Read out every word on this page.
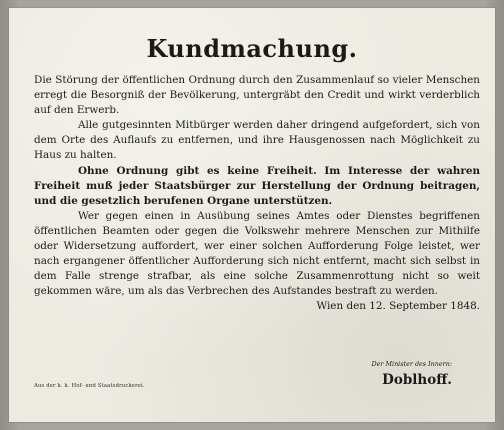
Kundmachung.

Die Störung der öffentlichen Ordnung durch den Zusammenlauf so vieler Menschen erregt die Besorgniß der Bevölkerung, untergräbt den Credit und wirkt verderblich auf den Erwerb.

Alle gutgesinnten Mitbürger werden daher dringend aufgefordert, sich von dem Orte des Auflaufs zu entfernen, und ihre Hausgenossen nach Möglichkeit zu Haus zu halten.

Ohne Ordnung gibt es keine Freiheit. Im Interesse der wahren Freiheit muß jeder Staatsbürger zur Herstellung der Ordnung beitragen, und die gesetzlich berufenen Organe unterstützen.

Wer gegen einen in Ausübung seines Amtes oder Dienstes begriffenen öffentlichen Beamten oder gegen die Volkswehr mehrere Menschen zur Mithilfe oder Widersetzung auffordert, wer einer solchen Aufforderung Folge leistet, wer nach ergangener öffentlicher Aufforderung sich nicht entfernt, macht sich selbst in dem Falle strenge strafbar, als eine solche Zusammenrottung nicht so weit gekommen wäre, um als das Verbrechen des Aufstandes bestraft zu werden.

Wien den 12. September 1848.

Aus der k. k. Hof- und Staatsdruckerei.
Der Minister des Innern:
Doblhoff.
